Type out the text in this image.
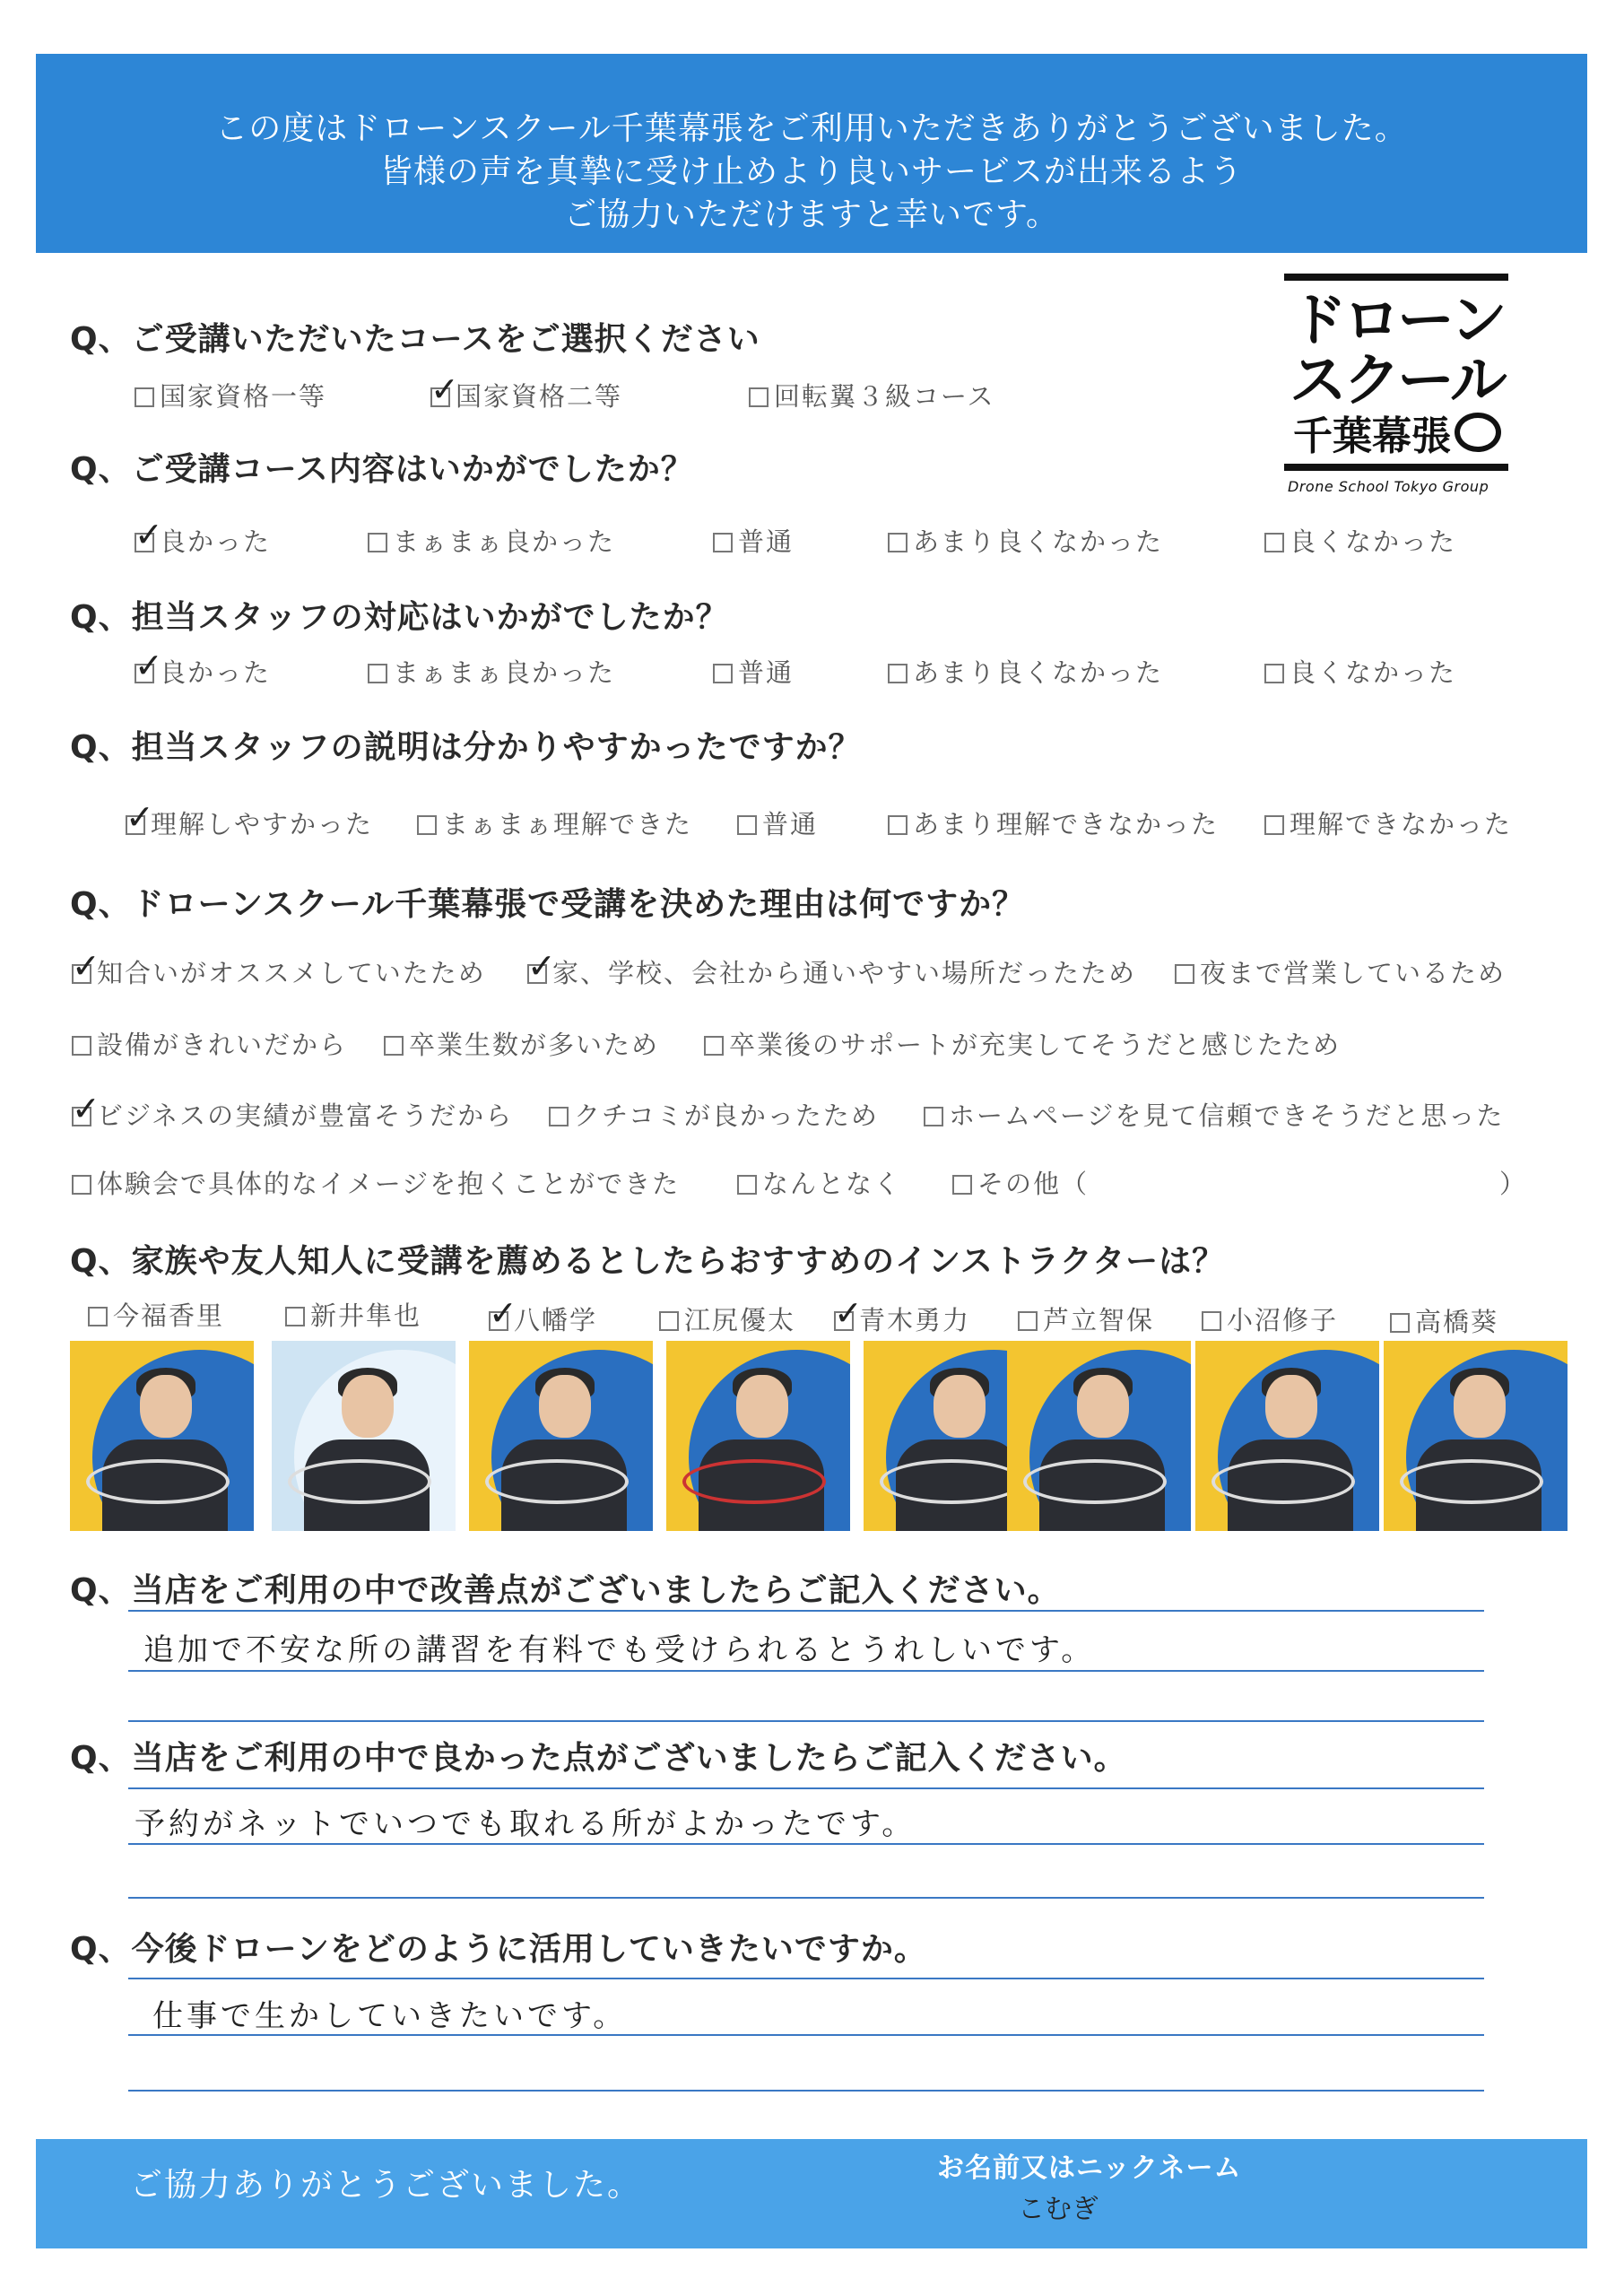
この度はドローンスクール千葉幕張をご利用いただきありがとうございました。
皆様の声を真摯に受け止めより良いサービスが出来るよう
ご協力いただけますと幸いです。
ドローン
スクール
千葉幕張
Drone School Tokyo Group
Q、ご受講いただいたコースをご選択ください
国家資格一等 ✓	国家資格二等	回転翼３級コース
Q、ご受講コース内容はいかがでしたか？
✓良かった	まぁまぁ良かった	普通	あまり良くなかった	良くなかった
Q、担当スタッフの対応はいかがでしたか？
✓良かった	まぁまぁ良かった	普通	あまり良くなかった	良くなかった
Q、担当スタッフの説明は分かりやすかったですか？
✓理解しやすかった	まぁまぁ理解できた	普通	あまり理解できなかった	理解できなかった
Q、ドローンスクール千葉幕張で受講を決めた理由は何ですか？
✓知合いがオススメしていたため ✓	家、学校、会社から通いやすい場所だったため	夜まで営業しているため
設備がきれいだから	卒業生数が多いため	卒業後のサポートが充実してそうだと感じたため
✓ビジネスの実績が豊富そうだから	クチコミが良かったため	ホームページを見て信頼できそうだと思った
体験会で具体的なイメージを抱くことができた	なんとなく	その他（	）
Q、家族や友人知人に受講を薦めるとしたらおすすめのインストラクターは？
今福香里	新井隼也 ✓	八幡学	江尻優太 ✓	青木勇力	芦立智保	小沼修子	高橋葵
Q、当店をご利用の中で改善点がございましたらご記入ください。
追加で不安な所の講習を有料でも受けられるとうれしいです。
Q、当店をご利用の中で良かった点がございましたらご記入ください。
予約がネットでいつでも取れる所がよかったです。
Q、今後ドローンをどのように活用していきたいですか。
仕事で生かしていきたいです。
ご協力ありがとうございました。	お名前又はニックネーム
こむぎ
